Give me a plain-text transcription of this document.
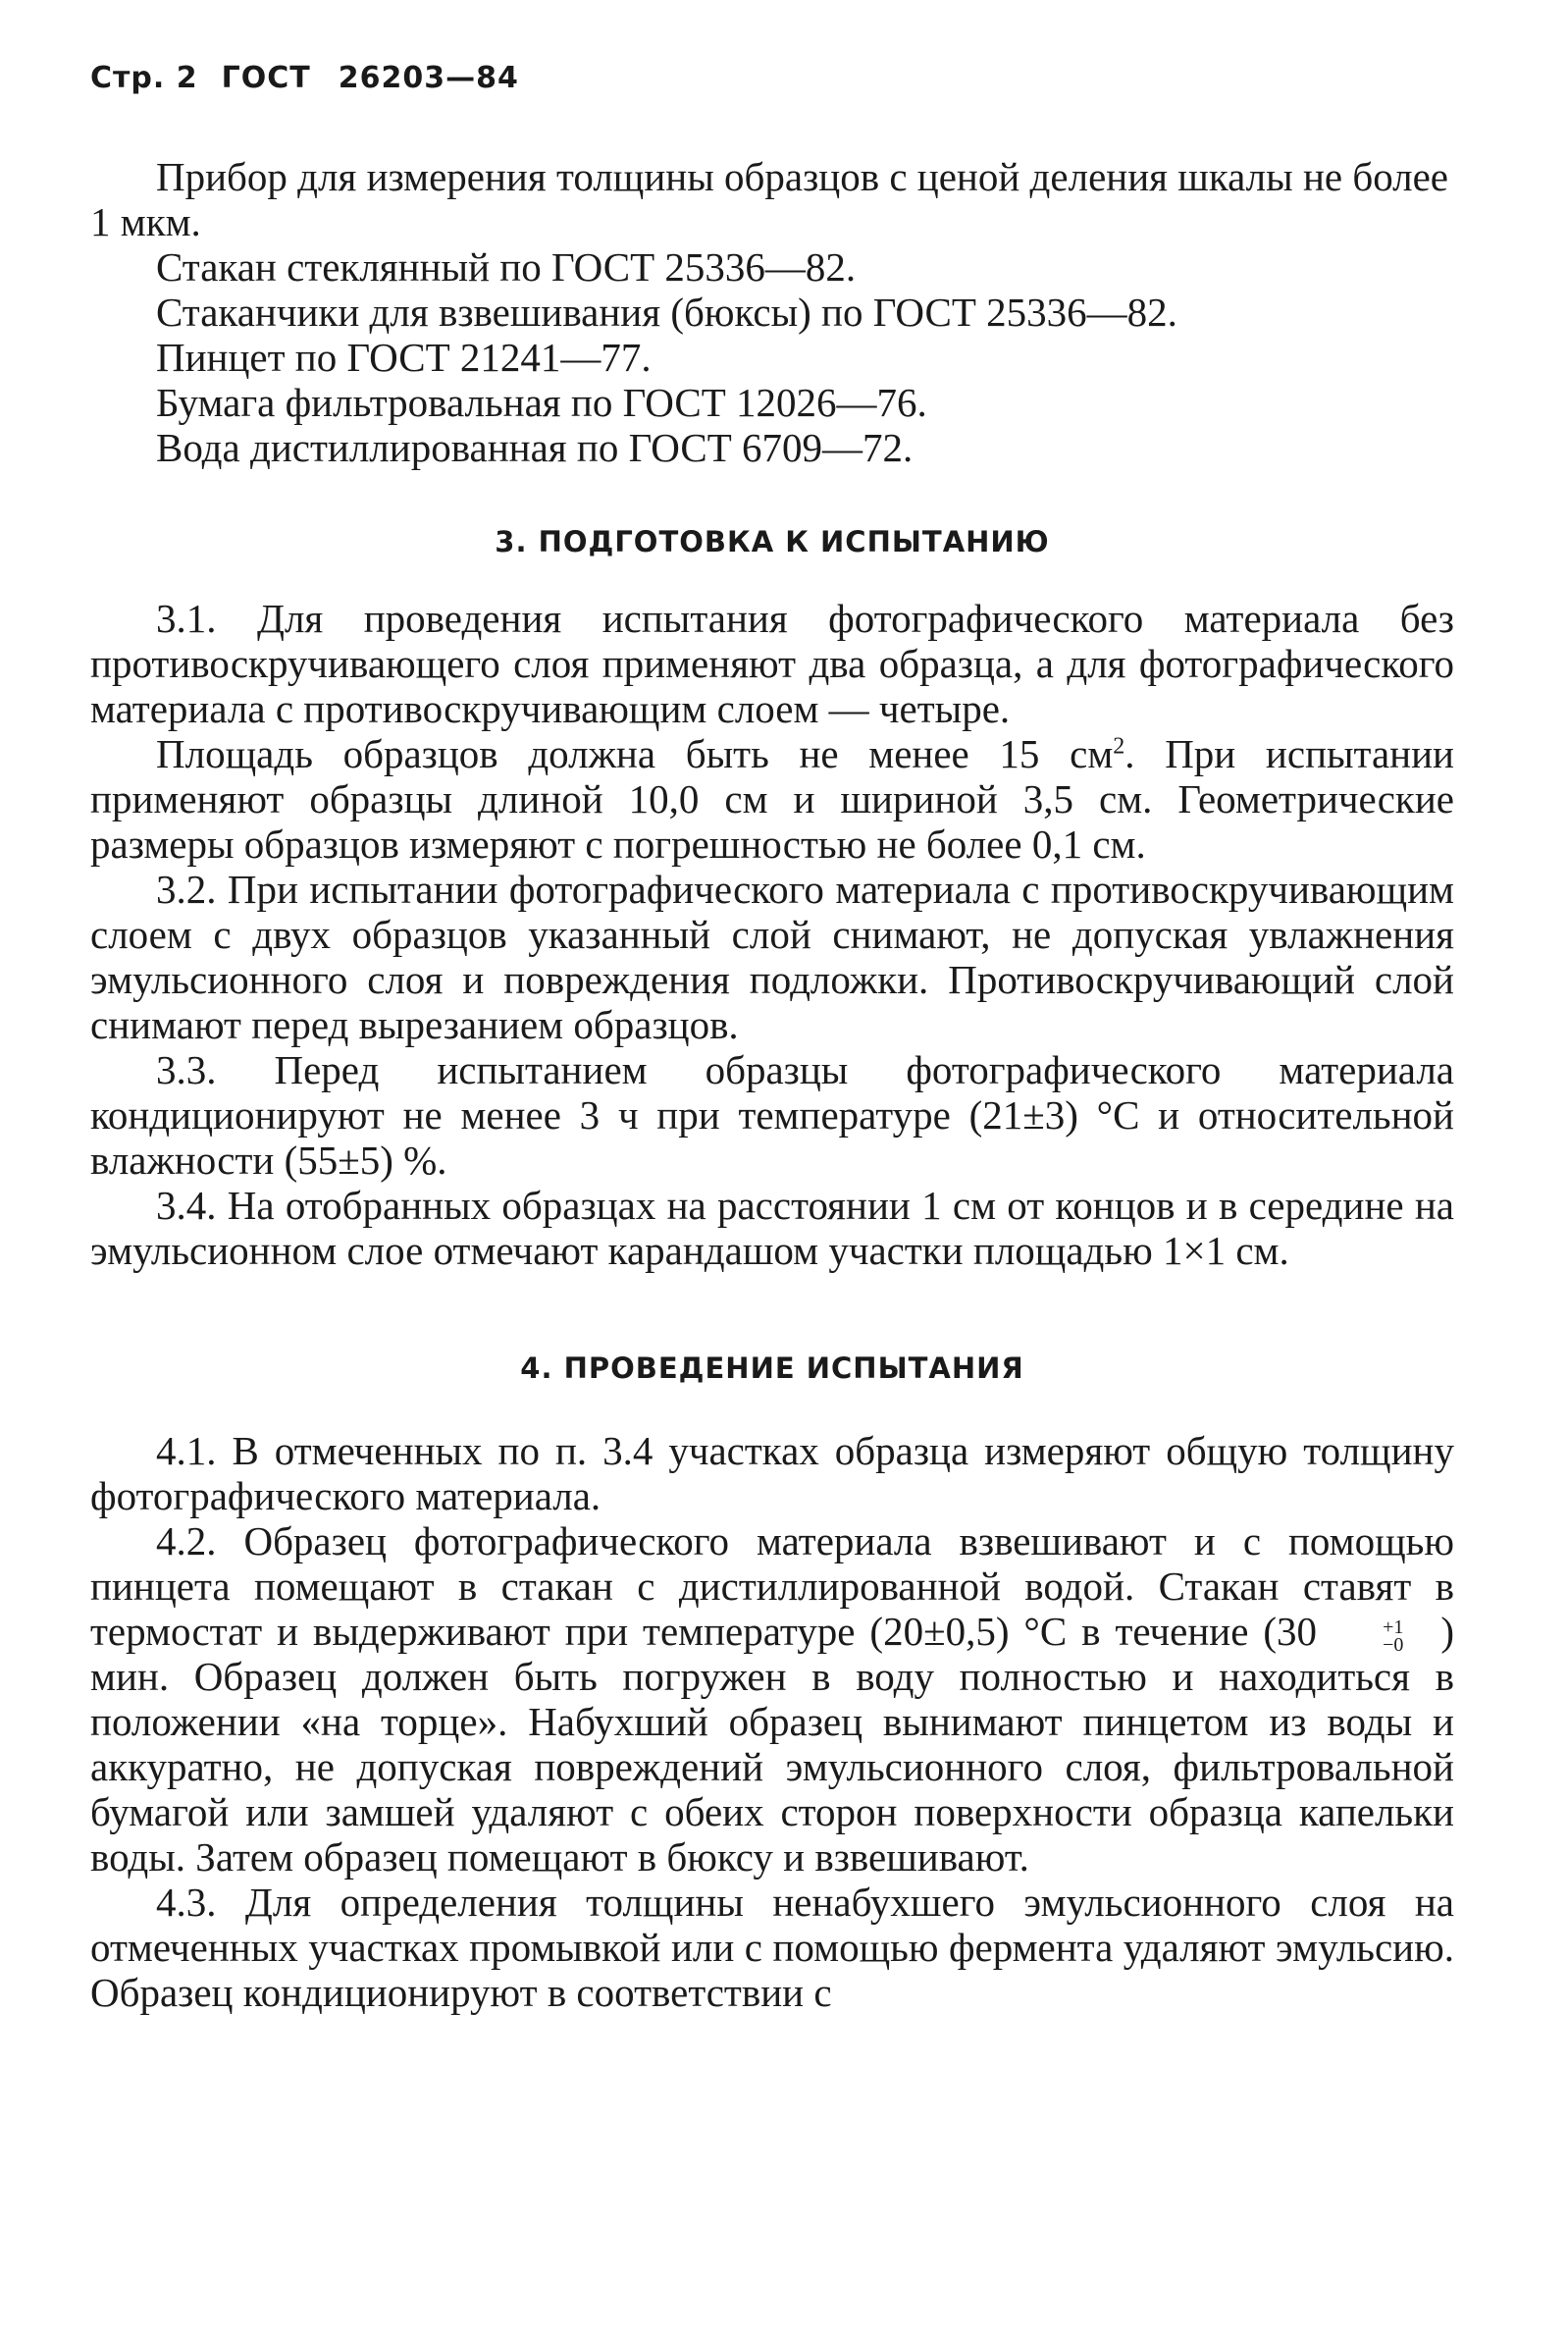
Стр. 2 ГОСТ 26203—84

Прибор для измерения толщины образцов с ценой деления шкалы не более 1 мкм.

Стакан стеклянный по ГОСТ 25336—82.

Стаканчики для взвешивания (бюксы) по ГОСТ 25336—82.

Пинцет по ГОСТ 21241—77.

Бумага фильтровальная по ГОСТ 12026—76.

Вода дистиллированная по ГОСТ 6709—72.

3. ПОДГОТОВКА К ИСПЫТАНИЮ

3.1. Для проведения испытания фотографического материала без противоскручивающего слоя применяют два образца, а для фотографического материала с противоскручивающим слоем — четыре.

Площадь образцов должна быть не менее 15 $см^2$. При испытании применяют образцы длиной 10,0 см и шириной 3,5 см. Геометрические размеры образцов измеряют с погрешностью не более 0,1 см.

3.2. При испытании фотографического материала с противоскручивающим слоем с двух образцов указанный слой снимают, не допуская увлажнения эмульсионного слоя и повреждения подложки. Противоскручивающий слой снимают перед вырезанием образцов.

3.3. Перед испытанием образцы фотографического материала кондиционируют не менее 3 ч при температуре (21±3) °С и относительной влажности (55±5) %.

3.4. На отобранных образцах на расстоянии 1 см от концов и в середине на эмульсионном слое отмечают карандашом участки площадью 1×1 см.

4. ПРОВЕДЕНИЕ ИСПЫТАНИЯ

4.1. В отмеченных по п. 3.4 участках образца измеряют общую толщину фотографического материала.

4.2. Образец фотографического материала взвешивают и с помощью пинцета помещают в стакан с дистиллированной водой. Стакан ставят в термостат и выдерживают при температуре (20±0,5) °С в течение (30	+1
−0 ) мин. Образец должен быть погружен в воду полностью и находиться в положении «на торце». Набухший образец вынимают пинцетом из воды и аккуратно, не допуская повреждений эмульсионного слоя, фильтровальной бумагой или замшей удаляют с обеих сторон поверхности образца капельки воды. Затем образец помещают в бюксу и взвешивают.

4.3. Для определения толщины ненабухшего эмульсионного слоя на отмеченных участках промывкой или с помощью фермента удаляют эмульсию. Образец кондиционируют в соответствии с
